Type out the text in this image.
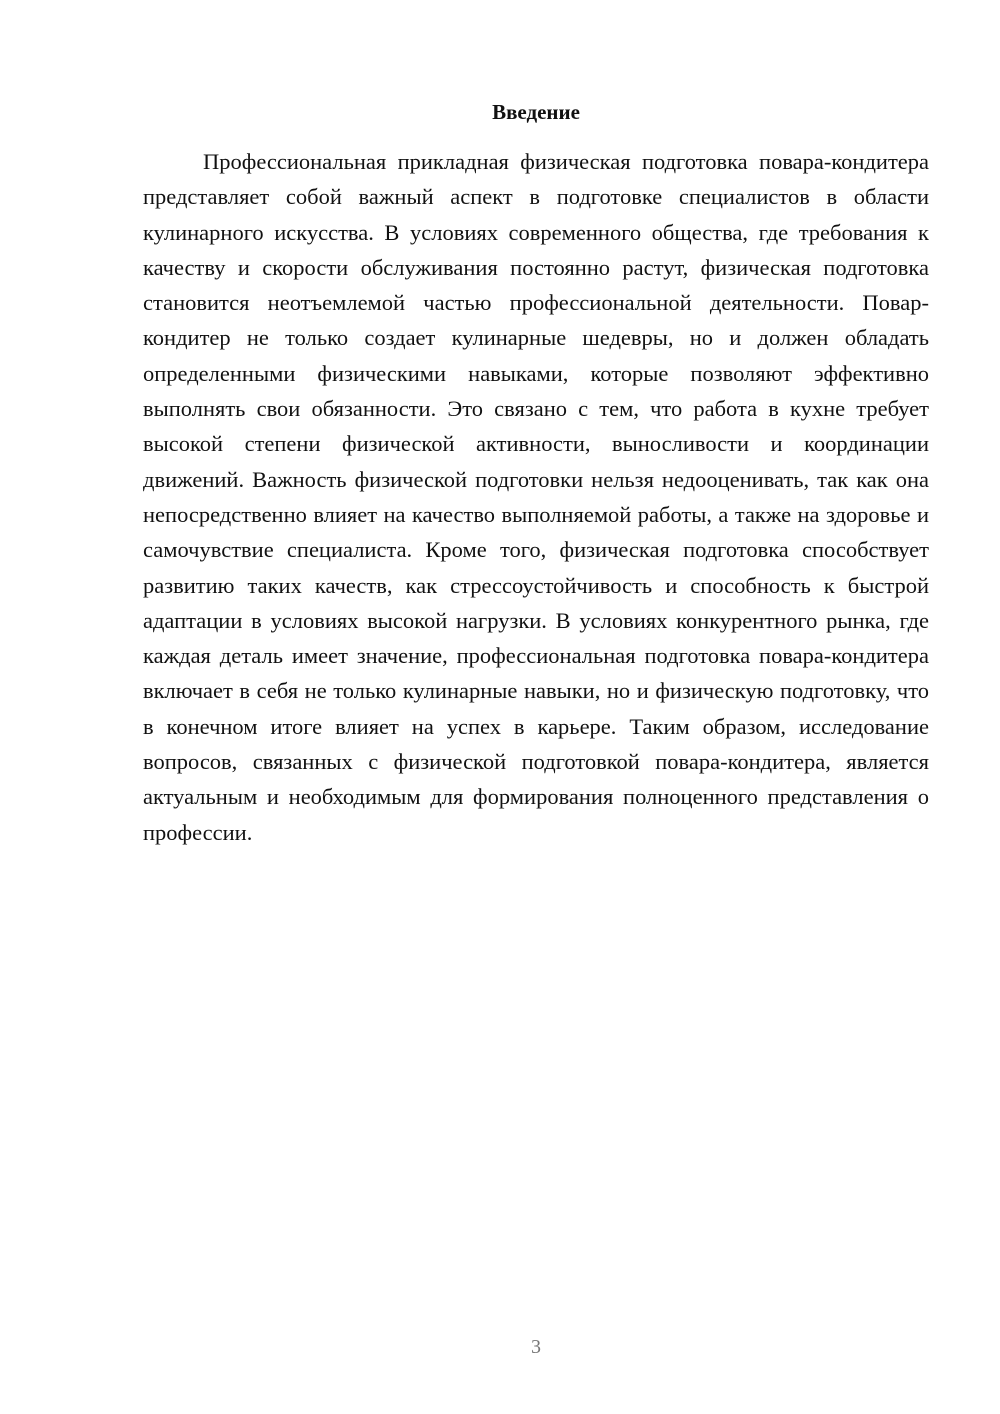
Введение

Профессиональная прикладная физическая подготовка повара-кондитера представляет собой важный аспект в подготовке специалистов в области кулинарного искусства. В условиях современного общества, где требования к качеству и скорости обслуживания постоянно растут, физическая подготовка становится неотъемлемой частью профессиональной деятельности. Повар-кондитер не только создает кулинарные шедевры, но и должен обладать определенными физическими навыками, которые позволяют эффективно выполнять свои обязанности. Это связано с тем, что работа в кухне требует высокой степени физической активности, выносливости и координации движений. Важность физической подготовки нельзя недооценивать, так как она непосредственно влияет на качество выполняемой работы, а также на здоровье и самочувствие специалиста. Кроме того, физическая подготовка способствует развитию таких качеств, как стрессоустойчивость и способность к быстрой адаптации в условиях высокой нагрузки. В условиях конкурентного рынка, где каждая деталь имеет значение, профессиональная подготовка повара-кондитера включает в себя не только кулинарные навыки, но и физическую подготовку, что в конечном итоге влияет на успех в карьере. Таким образом, исследование вопросов, связанных с физической подготовкой повара-кондитера, является актуальным и необходимым для формирования полноценного представления о профессии.

3
